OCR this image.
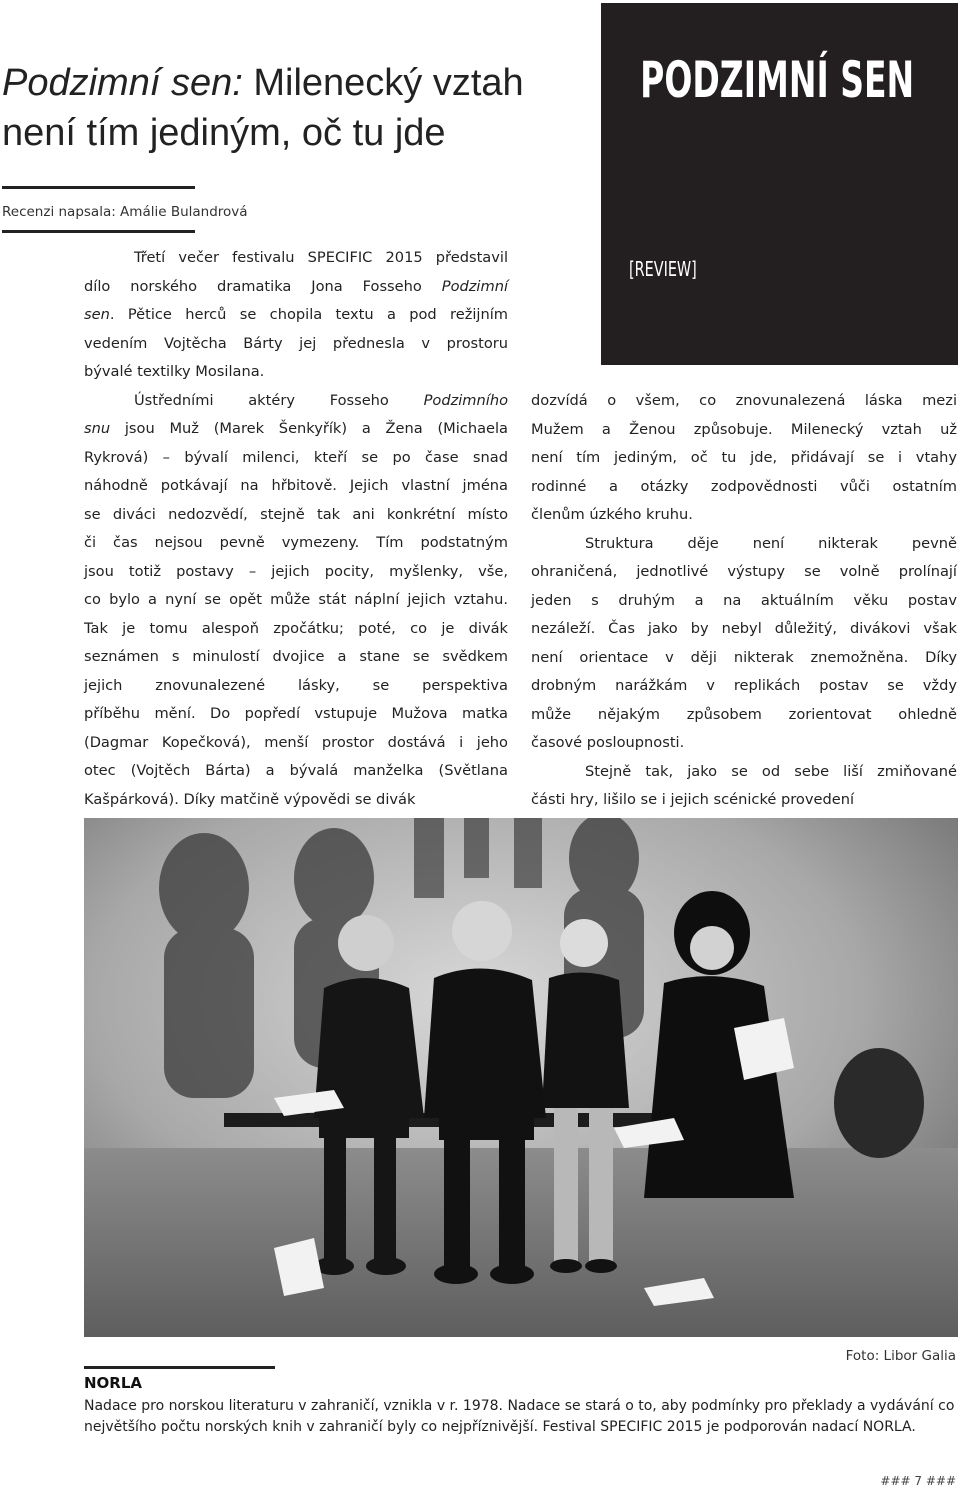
Podzimní sen: Milenecký vztah
není tím jediným, oč tu jde
PODZIMNÍ SEN
[REVIEW]
Recenzi napsala: Amálie Bulandrová

Třetí večer festivalu SPECIFIC 2015 představil
dílo norského dramatika Jona Fosseho Podzimní
sen. Pětice herců se chopila textu a pod režijním
vedením Vojtěcha Bárty jej přednesla v prostoru
bývalé textilky Mosilana.

Ústředními aktéry Fosseho Podzimního
snu jsou Muž (Marek Šenkyřík) a Žena (Michaela
Rykrová) – bývalí milenci, kteří se po čase snad
náhodně potkávají na hřbitově. Jejich vlastní jména
se diváci nedozvědí, stejně tak ani konkrétní místo
či čas nejsou pevně vymezeny. Tím podstatným
jsou totiž postavy – jejich pocity, myšlenky, vše,
co bylo a nyní se opět může stát náplní jejich vztahu.
Tak je tomu alespoň zpočátku; poté, co je divák
seznámen s minulostí dvojice a stane se svědkem
jejich znovunalezené lásky, se perspektiva
příběhu mění. Do popředí vstupuje Mužova matka
(Dagmar Kopečková), menší prostor dostává i jeho
otec (Vojtěch Bárta) a bývalá manželka (Světlana
Kašpárková). Díky matčině výpovědi se divák

dozvídá o všem, co znovunalezená láska mezi
Mužem a Ženou způsobuje. Milenecký vztah už
není tím jediným, oč tu jde, přidávají se i vtahy
rodinné a otázky zodpovědnosti vůči ostatním
členům úzkého kruhu.

Struktura děje není nikterak pevně
ohraničená, jednotlivé výstupy se volně prolínají
jeden s druhým a na aktuálním věku postav
nezáleží. Čas jako by nebyl důležitý, divákovi však
není orientace v ději nikterak znemožněna. Díky
drobným narážkám v replikách postav se vždy
může nějakým způsobem zorientovat ohledně
časové posloupnosti.

Stejně tak, jako se od sebe liší zmiňované
části hry, lišilo se i jejich scénické provedení

Foto: Libor Galia
NORLA
Nadace pro norskou literaturu v zahraničí, vznikla v r. 1978. Nadace se stará o to, aby podmínky pro překlady a vydávání co největšího počtu norských knih v zahraničí byly co nejpříznivější. Festival SPECIFIC 2015 je podporován nadací NORLA.
### 7 ###
